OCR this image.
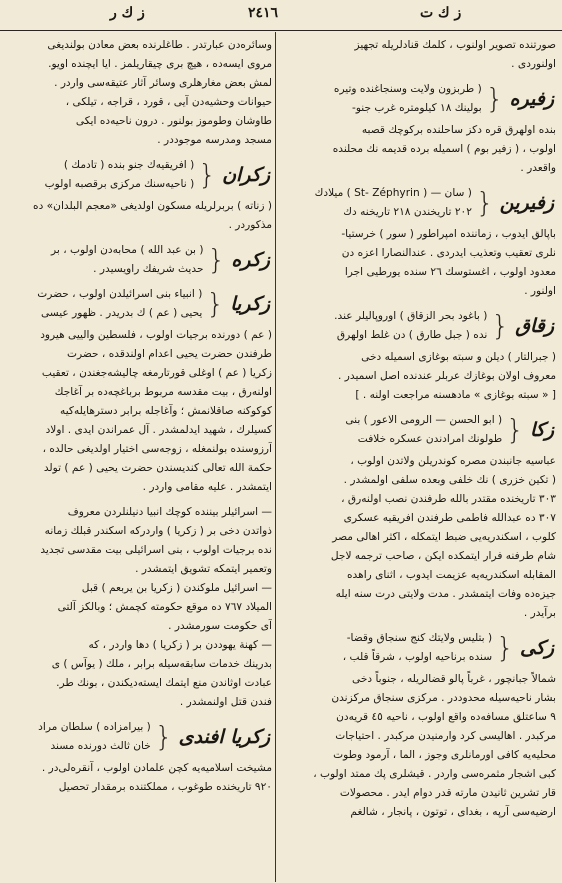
ز ك ر	٢٤١٦	ز ك ت
صورتنده تصوير اولنوب ، كلمك قنادلريله تجهيز
اولنوردى .
زفيره
{
( طربزون ولايت وسنجاغنده وتيره
بولينك ١٨ كيلومتره غرب جنو-
بنده اولهرق قره دكز ساحلنده بركوچك قصبه
اولوب ، ( زفير بوم ) اسميله برده قديمه نك محلنده
واقعدر .
زفيرين
{
( سان — ( St- Zéphyrin ) ميلادك
٢٠٢ تاريخندن ٢١٨ تاريخنه دك
باپالق ايدوب ، زماننده امپراطور ( سور ) خرستيا-
نلرى تعقيب وتعذيب ايدردى . عندالنصارا اعزه دن
معدود اولوب ، اغستوسك ٢٦ سنده يورطيى اجرا
اولنور .
زقاق
{
( باغود بحر الزقاق ) اوروپاليلر عند.
نده ( جبل طارق ) دن غلط اولهرق
( جبرالتار ) ديلن و سبته بوغازى اسميله دخى
معروف اولان بوغازك عربلر عندنده اصل اسميدر .
[ « سبته بوغازى » مادهسنه مراجعت اولنه . ]
زكا
{
( ابو الحسن — الرومى الاعور ) بنى
طولونك امرادندن عسكره خلافت
عباسيه جانبندن مصره كوندريلن ولاتدن اولوب ،
( تكين خزرى ) نك خلفى وبعده سلفى اولمشدر .
٣٠٣ تاريخنده مقتدر بالله طرفندن نصب اولنه‌رق ،
٣٠٧ ده عبدالله فاطمى طرفندن افريقيه عسكرى
كلوب ، اسكندريه‌يى ضبط ايتمكله ، اكثر اهالى مصر
شام طرفنه فرار ايتمكده ايكن ، صاحب ترجمه لاجل
المقابله اسكندريه‌يه عزيمت ايدوب ، اثناى راهده
جيزه‌ده وفات ايتمشدر . مدت ولايتى درت سنه ايله
برآيدر .
زكى
{
( بتليس ولايتك كنج سنجاق وقضا-
سنده برناحيه اولوب ، شرقاً قلب ،
شمالاً جبانچور ، غرباً پالو قضالريله ، جنوباً دخى
بشار ناحيه‌سيله محدوددر . مركزى سنجاق مركزندن
٩ ساعتلق مسافه‌ده واقع اولوب ، ناحيه ٤٥ قريه‌دن
مركبدر . اهاليسى كرد وارمنيدن مركبدر . احتياجات
محليه‌يه كافى اورمانلرى وجوز ، الما ، آرمود وطوت
كبى اشجار مثمره‌سى واردر . قيشلرى پك ممتد اولوب ،
قار تشرين ثانيدن مارته قدر دوام ايدر . محصولات
ارضيه‌سى آرپه ، بغداى ، توتون ، پانجار ، شالغم
وسائره‌دن عبارتدر . طاغلرنده بعض معادن بولنديغى
مروى ايسه‌ده ، هيچ برى چيقاريلمز . ايا ايچنده اويو.
لمش بعض مغارهلرى وسائر آثار عتيقه‌سى واردر .
حيوانات وحشيه‌دن آيى ، قورد ، قراجه ، تيلكى ،
طاوشان وطوموز بولنور . درون ناحيه‌ده ايكى
مسجد ومدرسه موجوددر .
زكران
{
( افريقيه‌ك جنو بنده ( تادمك )
( ناحيه‌سنك مركزى برقصبه اولوب
( زناته ) بربرلريله مسكون اولديغى «معجم البلدان» ده
مذكوردر .
زكره
{
( بن عبد الله ) محابه‌دن اولوب ، بر
حديث شريفك راويسيدر .
زكريا
{
( انبياء بنى اسرائيلدن اولوب ، حضرت
يحيى ( عم ) ك بدريدر . ظهور عيسى
( عم ) دورنده برجيات اولوب ، فلسطين والييى هيرود
طرفندن حضرت يحيى اعدام اولندقده ، حضرت
زكريا ( عم ) اوغلى قورتارمغه چاليشه‌جغندن ، تعقيب
اولنه‌رق ، بيت مقدسه مربوط برباغچه‌ده بر آغاجك
كوكوكنه صاقلانمش ؛ وآغاجله برابر دسترهايله‌كيه
كسيلرك ، شهيد ايدلمشدر . آل عمراندن ايدى . اولاد
آرزوسنده بولنمغله ، زوجه‌سى اختيار اولديغى حالده ،
حكمة الله تعالى كنديسندن حضرت يحيى ( عم ) تولد
ايتمشدر . عليه مقامى واردر .
— اسرائيلر بيننده كوچك انبيا دنيلنلردن معروف
ذواتدن دخى بر ( زكريا ) واردركه اسكندر قبلك زمانه
نده برجيات اولوب ، بنى اسرائيلى بيت مقدسى تجديد
وتعمير ايتمكه تشويق ايتمشدر .
— اسرائيل ملوكندن ( زكريا بن يربعم ) قبل
الميلاد ٧٦٧ ده موقع حكومته كچمش ؛ وبالكز آلتى
آى حكومت سورمشدر .
— كهنة يهوددن بر ( زكريا ) دها واردر ، كه
بدرينك خدمات سابقه‌سيله برابر ، ملك ( يوآس ) ى
عبادت اوثاندن منع ايتمك ايسته‌ديكندن ، بونك طر.
فندن قتل اولنمشدر .
زكريا افندى
{
( بيرامزاده ) سلطان مراد
خان ثالث دورنده مسند
مشيخت اسلاميه‌يه كچن علمادن اولوب ، آنقره‌لى‌در .
٩٢٠ تاريخنده طوغوب ، مملكتنده برمقدار تحصيل
